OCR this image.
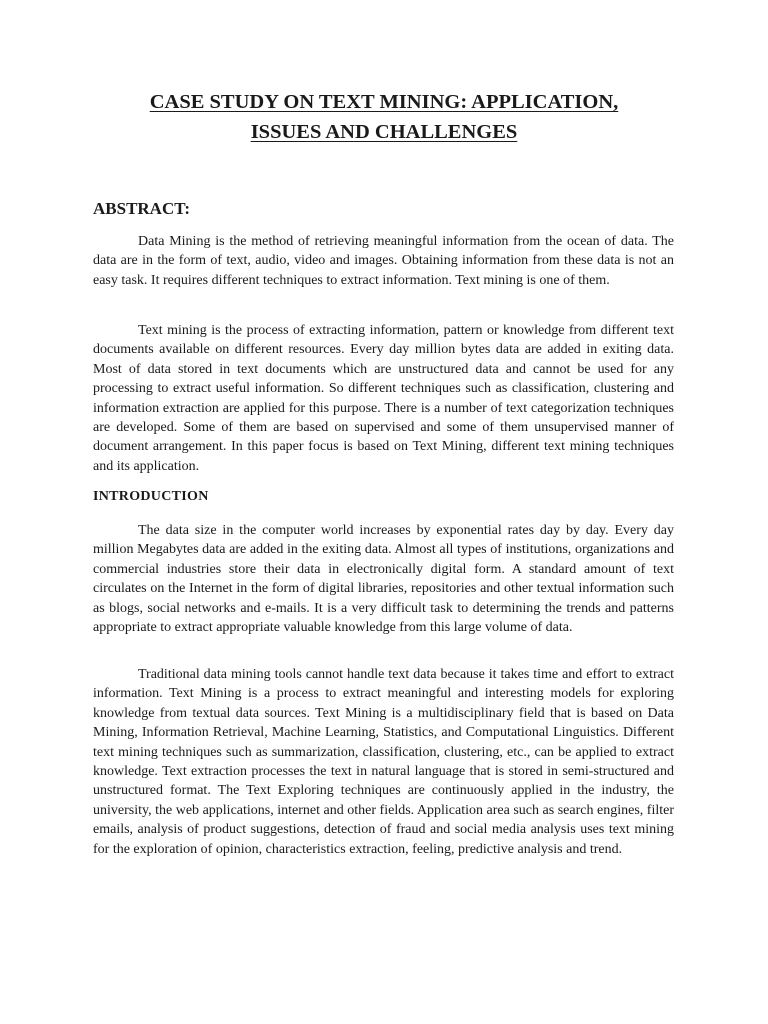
CASE STUDY ON TEXT MINING: APPLICATION,
ISSUES AND CHALLENGES
ABSTRACT:

Data Mining is the method of retrieving meaningful information from the ocean of data. The data are in the form of text, audio, video and images. Obtaining information from these data is not an easy task. It requires different techniques to extract information. Text mining is one of them.

Text mining is the process of extracting information, pattern or knowledge from different text documents available on different resources. Every day million bytes data are added in exiting data. Most of data stored in text documents which are unstructured data and cannot be used for any processing to extract useful information. So different techniques such as classification, clustering and information extraction are applied for this purpose. There is a number of text categorization techniques are developed. Some of them are based on supervised and some of them unsupervised manner of document arrangement. In this paper focus is based on Text Mining, different text mining techniques and its application.

INTRODUCTION

The data size in the computer world increases by exponential rates day by day. Every day million Megabytes data are added in the exiting data. Almost all types of institutions, organizations and commercial industries store their data in electronically digital form. A standard amount of text circulates on the Internet in the form of digital libraries, repositories and other textual information such as blogs, social networks and e-mails. It is a very difficult task to determining the trends and patterns appropriate to extract appropriate valuable knowledge from this large volume of data.

Traditional data mining tools cannot handle text data because it takes time and effort to extract information. Text Mining is a process to extract meaningful and interesting models for exploring knowledge from textual data sources. Text Mining is a multidisciplinary field that is based on Data Mining, Information Retrieval, Machine Learning, Statistics, and Computational Linguistics. Different text mining techniques such as summarization, classification, clustering, etc., can be applied to extract knowledge. Text extraction processes the text in natural language that is stored in semi-structured and unstructured format. The Text Exploring techniques are continuously applied in the industry, the university, the web applications, internet and other fields. Application area such as search engines, filter emails, analysis of product suggestions, detection of fraud and social media analysis uses text mining for the exploration of opinion, characteristics extraction, feeling, predictive analysis and trend.
